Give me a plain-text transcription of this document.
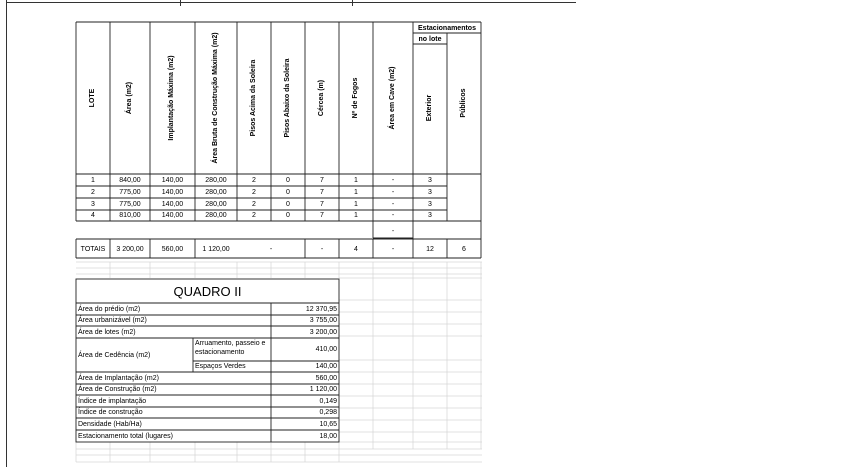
Estacionamentos
no lote
LOTE	Área (m2)	Implantação Máxima (m2)	Área Bruta de Construção Máxima (m2)	Pisos Acima da Soleira	Pisos Abaixo da Soleira	Cércea (m)	Nº de Fogos	Área em Cave (m2)	Exterior	Públicos
1	840,00	140,00	280,00	2	0	7	1	-	3
2	775,00	140,00	280,00	2	0	7	1	-	3
3	775,00	140,00	280,00	2	0	7	1	-	3
4	810,00	140,00	280,00	2	0	7	1	-	3
-
TOTAIS	3 200,00	560,00	1 120,00	-	-	4	-	12	6
QUADRO II
Área do prédio (m2)	12 370,95
Área urbanizável (m2)	3 755,00
Área de lotes (m2)	3 200,00
Área de Cedência (m2)
Arruamento, passeio e estacionamento	410,00
Espaços Verdes	140,00
Área de Implantação (m2)	560,00
Área de Construção (m2)	1 120,00
Índice de implantação	0,149
Índice de construção	0,298
Densidade (Hab/Ha)	10,65
Estacionamento total (lugares)	18,00
